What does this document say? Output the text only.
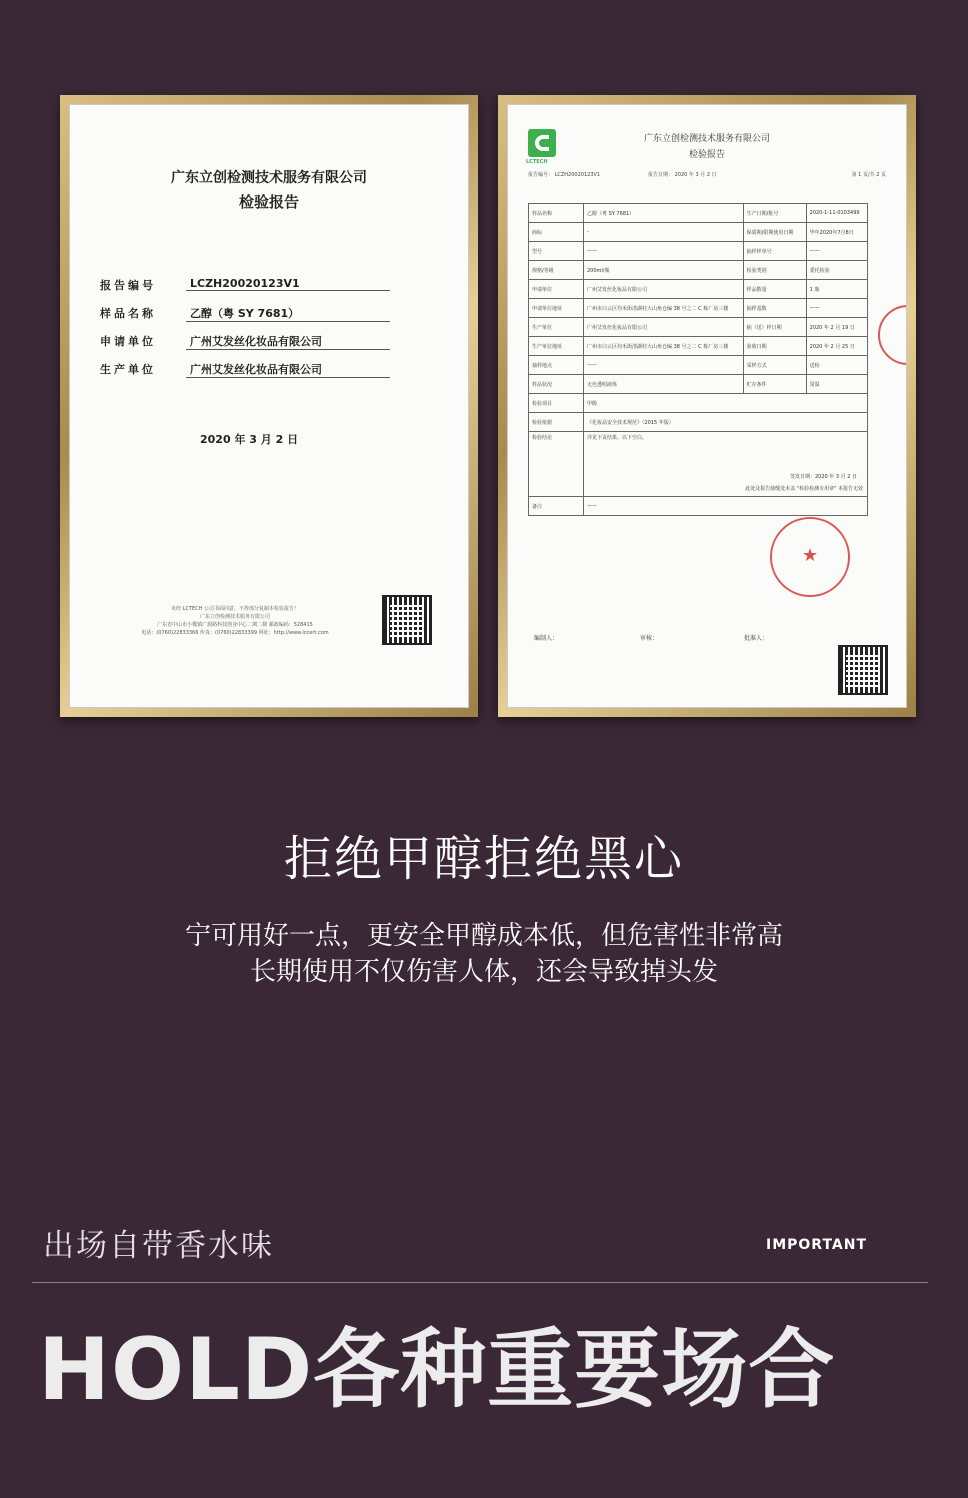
广东立创检测技术服务有限公司
检验报告
报告编号	LCZH20020123V1
样品名称	乙醇（粤 SY 7681）
申请单位	广州艾发丝化妆品有限公司
生产单位	广州艾发丝化妆品有限公司
2020 年 3 月 2 日
未经 LCTECH 公司书面同意，不得部分复制本检验报告！
广东立创检测技术服务有限公司
广东省中山市小榄镇广源路科技创业中心二期二楼 邮政编码：528415
电话：(0760)22833366 传真：(0760)22833399 网址：http://www.lccert.com
LCTECH
广东立创检测技术服务有限公司
检验报告
报告编号： LCZH20020123V1	报告日期： 2020 年 3 月 2 日	第 1 页/共 2 页
样品名称	乙醇（粤 SY 7681）	生产日期/批号	2020-1-11-0103499
商标	-	保质期/限期使用日期	毕年2020年7月8日
型号	——	抽样样单号	——
规格/等级	200ml/瓶	检验类别	委托检验
申请单位	广州艾发丝化妆品有限公司	样品数量	1 瓶
申请单位地址	广州市白云区均禾街清湖村大山角仓编 38 号之二 C 栋厂房三楼	抽样基数	——
生产单位	广州艾发丝化妆品有限公司	抽（送）样日期	2020 年 2 月 19 日
生产单位地址	广州市白云区均禾街清湖村大山角仓编 38 号之二 C 栋厂房三楼	验收日期	2020 年 2 月 25 日
抽样地点	——	采样方式	送检
样品状况	无色透明液体	贮存条件	常温
检验项目	甲醇		
检验依据	《化妆品安全技术规范》（2015 年版）		
检验结论	详见下页结果。以下空白。
签发日期：2020 年 3 月 2 日
此处及报告骑缝处未盖 "检验检测专用章" 本报告无效		

备注	——		
★
★
编制人：	审核：	批准人：
拒绝甲醇拒绝黑心
宁可用好一点，更安全甲醇成本低，但危害性非常高
长期使用不仅伤害人体，还会导致掉头发
出场自带香水味	IMPORTANT
HOLD各种重要场合
